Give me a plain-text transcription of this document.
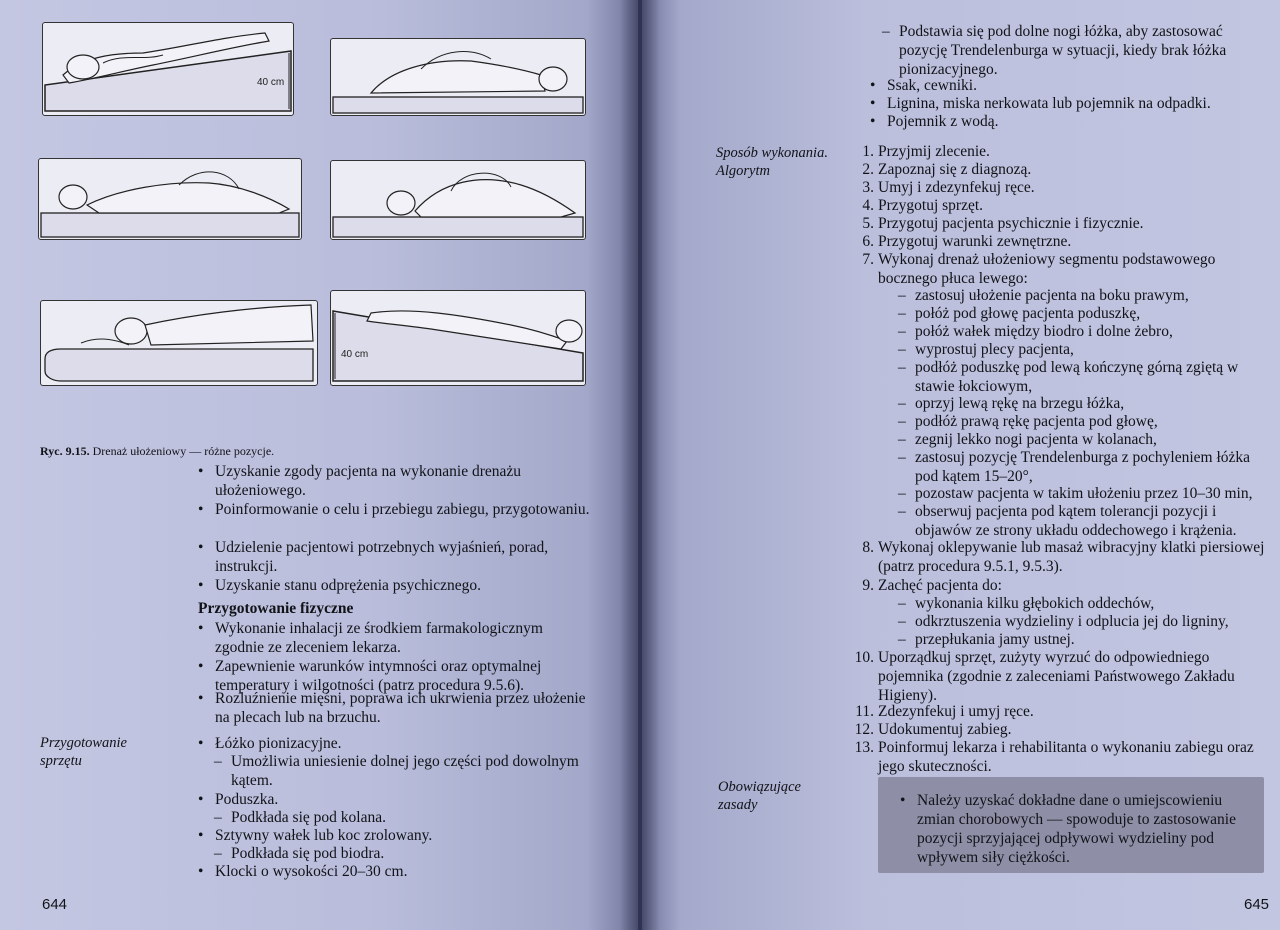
40 cm
40 cm
Ryc. 9.15. Drenaż ułożeniowy — różne pozycje.
• Uzyskanie zgody pacjenta na wykonanie drenażu ułożeniowego.
• Poinformowanie o celu i przebiegu zabiegu, przygotowaniu.
• Udzielenie pacjentowi potrzebnych wyjaśnień, porad, instrukcji.
• Uzyskanie stanu odprężenia psychicznego.
Przygotowanie fizyczne
• Wykonanie inhalacji ze środkiem farmakologicznym zgodnie ze zleceniem lekarza.
• Zapewnienie warunków intymności oraz optymalnej temperatury i wilgotności (patrz procedura 9.5.6).
• Rozluźnienie mięśni, poprawa ich ukrwienia przez ułożenie na plecach lub na brzuchu.
Przygotowanie
sprzętu
• Łóżko pionizacyjne.
– Umożliwia uniesienie dolnej jego części pod dowolnym kątem.
• Poduszka.
– Podkłada się pod kolana.
• Sztywny wałek lub koc zrolowany.
– Podkłada się pod biodra.
• Klocki o wysokości 20–30 cm.
644
– Podstawia się pod dolne nogi łóżka, aby zastosować pozycję Trendelenburga w sytuacji, kiedy brak łóżka pionizacyjnego.
• Ssak, cewniki.
• Lignina, miska nerkowata lub pojemnik na odpadki.
• Pojemnik z wodą.
Sposób wykonania.
Algorytm
1. Przyjmij zlecenie.
2. Zapoznaj się z diagnozą.
3. Umyj i zdezynfekuj ręce.
4. Przygotuj sprzęt.
5. Przygotuj pacjenta psychicznie i fizycznie.
6. Przygotuj warunki zewnętrzne.
7. Wykonaj drenaż ułożeniowy segmentu podstawowego bocznego płuca lewego:
– zastosuj ułożenie pacjenta na boku prawym,
– połóż pod głowę pacjenta poduszkę,
– połóż wałek między biodro i dolne żebro,
– wyprostuj plecy pacjenta,
– podłóż poduszkę pod lewą kończynę górną zgiętą w stawie łokciowym,
– oprzyj lewą rękę na brzegu łóżka,
– podłóż prawą rękę pacjenta pod głowę,
– zegnij lekko nogi pacjenta w kolanach,
– zastosuj pozycję Trendelenburga z pochyleniem łóżka pod kątem 15–20°,
– pozostaw pacjenta w takim ułożeniu przez 10–30 min,
– obserwuj pacjenta pod kątem tolerancji pozycji i objawów ze strony układu oddechowego i krążenia.
8. Wykonaj oklepywanie lub masaż wibracyjny klatki piersiowej (patrz procedura 9.5.1, 9.5.3).
9. Zachęć pacjenta do:
– wykonania kilku głębokich oddechów,
– odkrztuszenia wydzieliny i odplucia jej do ligniny,
– przepłukania jamy ustnej.
10. Uporządkuj sprzęt, zużyty wyrzuć do odpowiedniego pojemnika (zgodnie z zaleceniami Państwowego Zakładu Higieny).
11. Zdezynfekuj i umyj ręce.
12. Udokumentuj zabieg.
13. Poinformuj lekarza i rehabilitanta o wykonaniu zabiegu oraz jego skuteczności.
Obowiązujące
zasady
645
• Należy uzyskać dokładne dane o umiejscowieniu zmian chorobowych — spowoduje to zastosowanie pozycji sprzyjającej odpływowi wydzieliny pod wpływem siły ciężkości.
